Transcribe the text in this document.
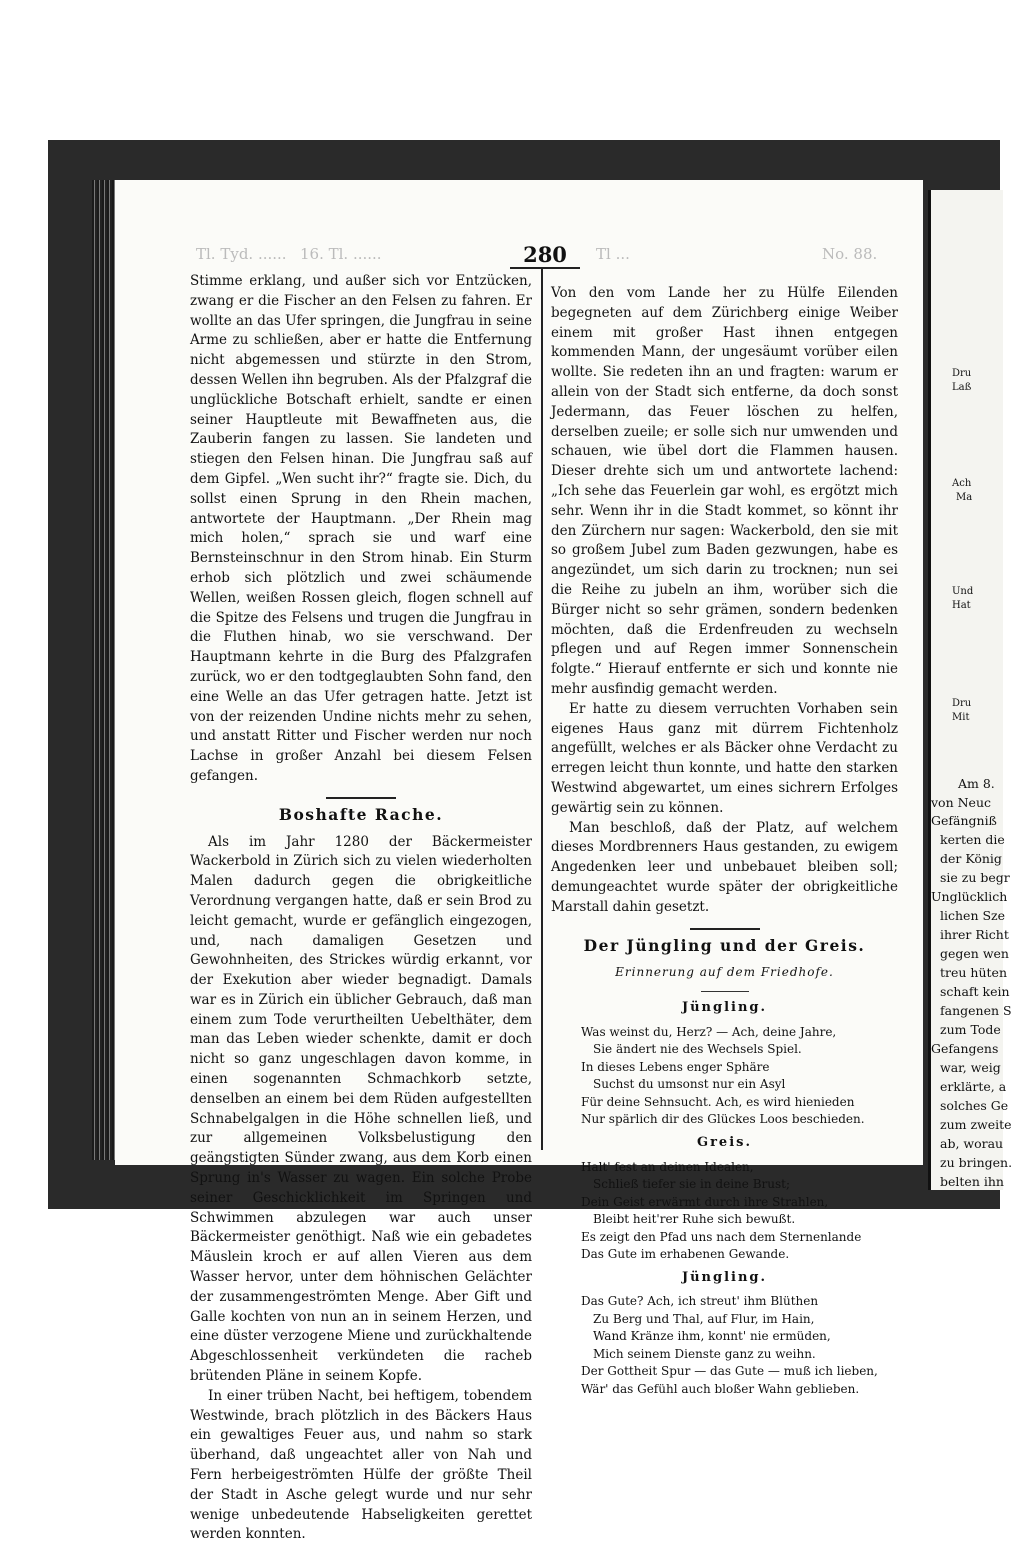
Tl. Tyd. ...... 16. Tl. ......	No. 88.
Tl ...
280

Stimme erklang, und außer sich vor Entzücken, zwang er die Fischer an den Felsen zu fahren. Er wollte an das Ufer springen, die Jungfrau in seine Arme zu schließen, aber er hatte die Entfernung nicht abgemessen und stürzte in den Strom, dessen Wellen ihn begruben. Als der Pfalzgraf die unglückliche Botschaft erhielt, sandte er einen seiner Hauptleute mit Bewaffneten aus, die Zauberin fangen zu lassen. Sie landeten und stiegen den Felsen hinan. Die Jungfrau saß auf dem Gipfel. „Wen sucht ihr?“ fragte sie. Dich, du sollst einen Sprung in den Rhein machen, antwortete der Hauptmann. „Der Rhein mag mich holen,“ sprach sie und warf eine Bernsteinschnur in den Strom hinab. Ein Sturm erhob sich plötzlich und zwei schäumende Wellen, weißen Rossen gleich, flogen schnell auf die Spitze des Felsens und trugen die Jungfrau in die Fluthen hinab, wo sie verschwand. Der Hauptmann kehrte in die Burg des Pfalzgrafen zurück, wo er den todtgeglaubten Sohn fand, den eine Welle an das Ufer getragen hatte. Jetzt ist von der reizenden Undine nichts mehr zu sehen, und anstatt Ritter und Fischer werden nur noch Lachse in großer Anzahl bei diesem Felsen gefangen.

Boshafte Rache.

Als im Jahr 1280 der Bäckermeister Wackerbold in Zürich sich zu vielen wiederholten Malen dadurch gegen die obrigkeitliche Verordnung vergangen hatte, daß er sein Brod zu leicht gemacht, wurde er gefänglich eingezogen, und, nach damaligen Gesetzen und Gewohnheiten, des Strickes würdig erkannt, vor der Exekution aber wieder begnadigt. Damals war es in Zürich ein üblicher Gebrauch, daß man einem zum Tode verurtheilten Uebelthäter, dem man das Leben wieder schenkte, damit er doch nicht so ganz ungeschlagen davon komme, in einen sogenannten Schmachkorb setzte, denselben an einem bei dem Rüden aufgestellten Schnabelgalgen in die Höhe schnellen ließ, und zur allgemeinen Volksbelustigung den geängstigten Sünder zwang, aus dem Korb einen Sprung in's Wasser zu wagen. Ein solche Probe seiner Geschicklichkeit im Springen und Schwimmen abzulegen war auch unser Bäckermeister genöthigt. Naß wie ein gebadetes Mäuslein kroch er auf allen Vieren aus dem Wasser hervor, unter dem höhnischen Gelächter der zusammengeströmten Menge. Aber Gift und Galle kochten von nun an in seinem Herzen, und eine düster verzogene Miene und zurückhaltende Abgeschlossenheit verkündeten die racheb brütenden Pläne in seinem Kopfe.

In einer trüben Nacht, bei heftigem, tobendem Westwinde, brach plötzlich in des Bäckers Haus ein gewaltiges Feuer aus, und nahm so stark überhand, daß ungeachtet aller von Nah und Fern herbeigeströmten Hülfe der größte Theil der Stadt in Asche gelegt wurde und nur sehr wenige unbedeutende Habseligkeiten gerettet werden konnten.

Von den vom Lande her zu Hülfe Eilenden begegneten auf dem Zürichberg einige Weiber einem mit großer Hast ihnen entgegen kommenden Mann, der ungesäumt vorüber eilen wollte. Sie redeten ihn an und fragten: warum er allein von der Stadt sich entferne, da doch sonst Jedermann, das Feuer löschen zu helfen, derselben zueile; er solle sich nur umwenden und schauen, wie übel dort die Flammen hausen. Dieser drehte sich um und antwortete lachend: „Ich sehe das Feuerlein gar wohl, es ergötzt mich sehr. Wenn ihr in die Stadt kommet, so könnt ihr den Zürchern nur sagen: Wackerbold, den sie mit so großem Jubel zum Baden gezwungen, habe es angezündet, um sich darin zu trocknen; nun sei die Reihe zu jubeln an ihm, worüber sich die Bürger nicht so sehr grämen, sondern bedenken möchten, daß die Erdenfreuden zu wechseln pflegen und auf Regen immer Sonnenschein folgte.“ Hierauf entfernte er sich und konnte nie mehr ausfindig gemacht werden.

Er hatte zu diesem verruchten Vorhaben sein eigenes Haus ganz mit dürrem Fichtenholz angefüllt, welches er als Bäcker ohne Verdacht zu erregen leicht thun konnte, und hatte den starken Westwind abgewartet, um eines sichrern Erfolges gewärtig sein zu können.

Man beschloß, daß der Platz, auf welchem dieses Mordbrenners Haus gestanden, zu ewigem Angedenken leer und unbebauet bleiben soll; demungeachtet wurde später der obrigkeitliche Marstall dahin gesetzt.

Der Jüngling und der Greis.
Erinnerung auf dem Friedhofe.
Jüngling.
Was weinst du, Herz? — Ach, deine Jahre,
Sie ändert nie des Wechsels Spiel.
In dieses Lebens enger Sphäre
Suchst du umsonst nur ein Asyl
Für deine Sehnsucht. Ach, es wird hienieden
Nur spärlich dir des Glückes Loos beschieden.
Greis.
Halt' fest an deinen Idealen,
Schließ tiefer sie in deine Brust;
Dein Geist erwärmt durch ihre Strahlen,
Bleibt heit'rer Ruhe sich bewußt.
Es zeigt den Pfad uns nach dem Sternenlande
Das Gute im erhabenen Gewande.
Jüngling.
Das Gute? Ach, ich streut' ihm Blüthen
Zu Berg und Thal, auf Flur, im Hain,
Wand Kränze ihm, konnt' nie ermüden,
Mich seinem Dienste ganz zu weihn.
Der Gottheit Spur — das Gute — muß ich lieben,
Wär' das Gefühl auch bloßer Wahn geblieben.
Dru
Laß
Ach
Ma
Und
Hat
Dru
Mit
Am 8.
von Neuc
Gefängniß
kerten die
der König
sie zu begr
Unglücklich
lichen Sze
ihrer Richt
gegen wen
treu hüten
schaft kein
fangenen S
zum Tode
Gefangens
war, weig
erklärte, a
solches Ge
zum zweite
ab, worau
zu bringen.
belten ihn
